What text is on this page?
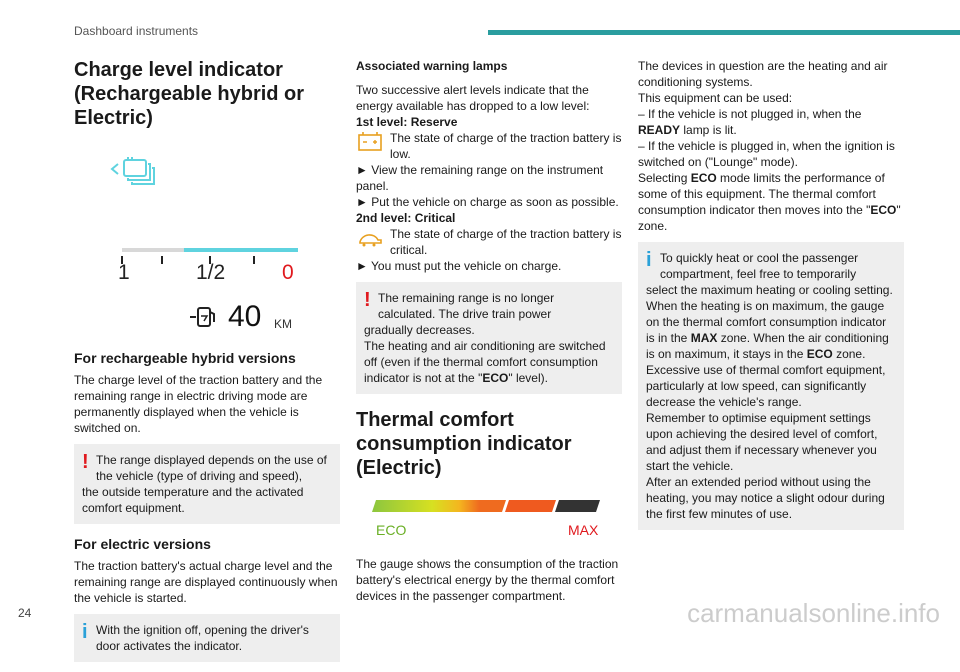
Dashboard instruments
Charge level indicator (Rechargeable hybrid or Electric)
1	1/2	0
40 KM
For rechargeable hybrid versions

The charge level of the traction battery and the remaining range in electric driving mode are permanently displayed when the vehicle is switched on.

! The range displayed depends on the use of the vehicle (type of driving and speed),
the outside temperature and the activated comfort equipment.
For electric versions

The traction battery's actual charge level and the remaining range are displayed continuously when the vehicle is started.

i With the ignition off, opening the driver's door activates the indicator.
Associated warning lamps

Two successive alert levels indicate that the energy available has dropped to a low level:

1st level: Reserve
The state of charge of the traction battery is low.
► View the remaining range on the instrument panel.
► Put the vehicle on charge as soon as possible.
2nd level: Critical
The state of charge of the traction battery is critical.
► You must put the vehicle on charge.
! The remaining range is no longer calculated. The drive train power
gradually decreases.
The heating and air conditioning are switched off (even if the thermal comfort consumption indicator is not at the "ECO" level).
Thermal comfort consumption indicator (Electric)
ECO	MAX

The gauge shows the consumption of the traction battery's electrical energy by the thermal comfort devices in the passenger compartment.

The devices in question are the heating and air conditioning systems.
This equipment can be used:
– If the vehicle is not plugged in, when the READY lamp is lit.
– If the vehicle is plugged in, when the ignition is switched on ("Lounge" mode).
Selecting ECO mode limits the performance of some of this equipment. The thermal comfort consumption indicator then moves into the "ECO" zone.
i To quickly heat or cool the passenger compartment, feel free to temporarily
select the maximum heating or cooling setting.
When the heating is on maximum, the gauge on the thermal comfort consumption indicator is in the MAX zone. When the air conditioning is on maximum, it stays in the ECO zone.
Excessive use of thermal comfort equipment, particularly at low speed, can significantly decrease the vehicle's range.
Remember to optimise equipment settings upon achieving the desired level of comfort, and adjust them if necessary whenever you start the vehicle.
After an extended period without using the heating, you may notice a slight odour during the first few minutes of use.
24	carmanualsonline.info
